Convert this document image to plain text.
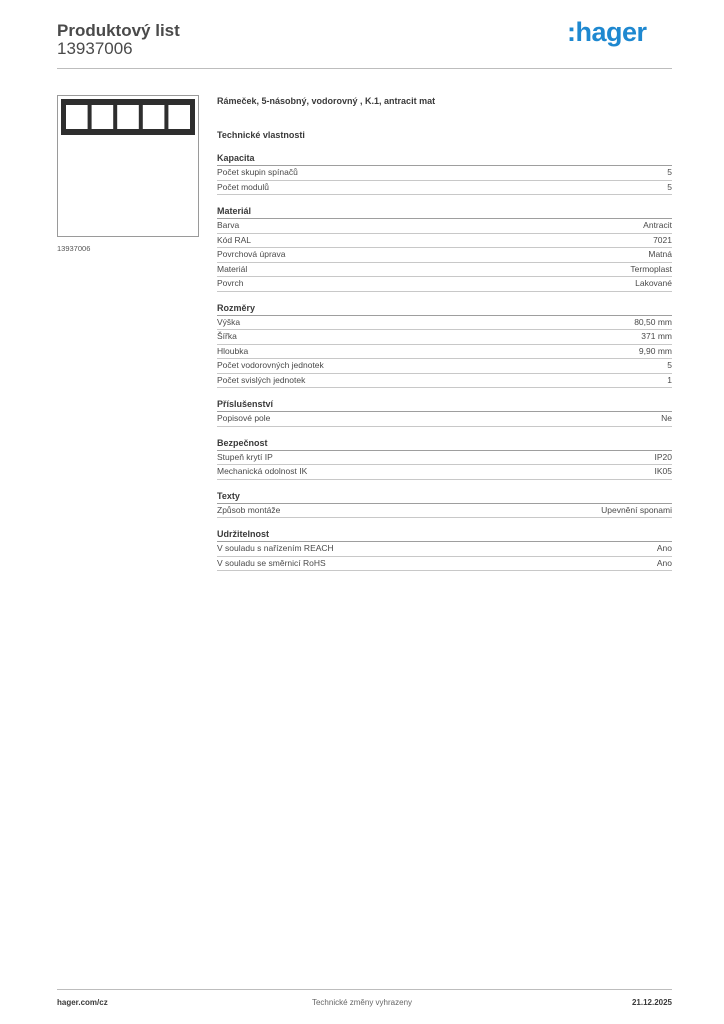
Produktový list
13937006
:hager
13937006
Rámeček, 5-násobný, vodorovný , K.1, antracit mat
Technické vlastnosti
Kapacita
Počet skupin spínačů	5
Počet modulů	5
Materiál
Barva	Antracit
Kód RAL	7021
Povrchová úprava	Matná
Materiál	Termoplast
Povrch	Lakované
Rozměry
Výška	80,50 mm
Šířka	371 mm
Hloubka	9,90 mm
Počet vodorovných jednotek	5
Počet svislých jednotek	1
Příslušenství
Popisové pole	Ne
Bezpečnost
Stupeň krytí IP	IP20
Mechanická odolnost IK	IK05
Texty
Způsob montáže	Upevnění sponami
Udržitelnost
V souladu s nařízením REACH	Ano
V souladu se směrnicí RoHS	Ano
hager.com/cz	Technické změny vyhrazeny	21.12.2025
